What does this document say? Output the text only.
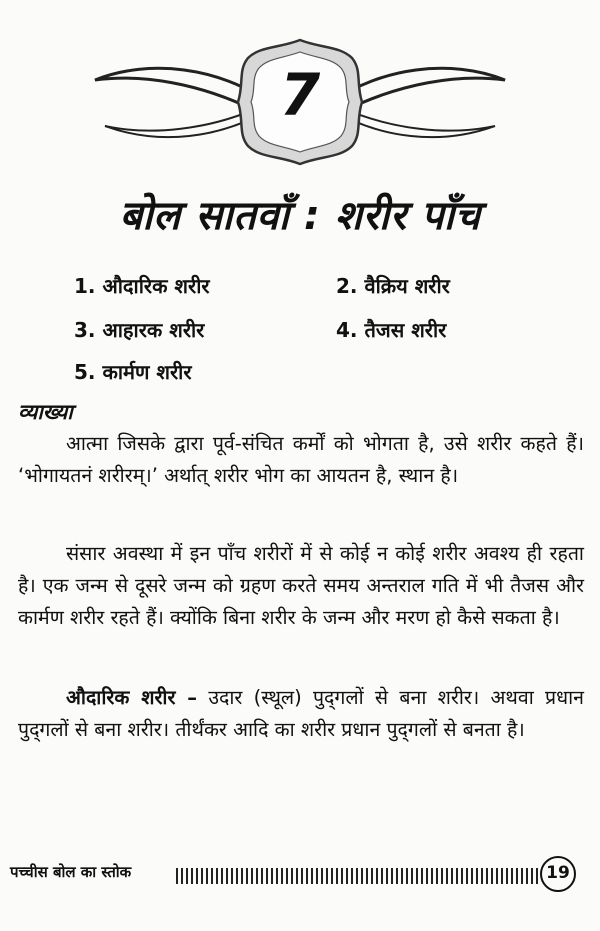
7
बोल सातवाँ : शरीर पाँच
1. औदारिक शरीर	2. वैक्रिय शरीर
3. आहारक शरीर	4. तैजस शरीर
5. कार्मण शरीर
व्याख्या

आत्मा जिसके द्वारा पूर्व-संचित कर्मों को भोगता है, उसे शरीर कहते हैं। ‘भोगायतनं शरीरम्।’ अर्थात् शरीर भोग का आयतन है, स्थान है।

संसार अवस्था में इन पाँच शरीरों में से कोई न कोई शरीर अवश्य ही रहता है। एक जन्म से दूसरे जन्म को ग्रहण करते समय अन्तराल गति में भी तैजस और कार्मण शरीर रहते हैं। क्योंकि बिना शरीर के जन्म और मरण हो कैसे सकता है।

औदारिक शरीर – उदार (स्थूल) पुद्‌गलों से बना शरीर। अथवा प्रधान पुद्‌गलों से बना शरीर। तीर्थंकर आदि का शरीर प्रधान पुद्‌गलों से बनता है।

पच्चीस बोल का स्तोक	19
